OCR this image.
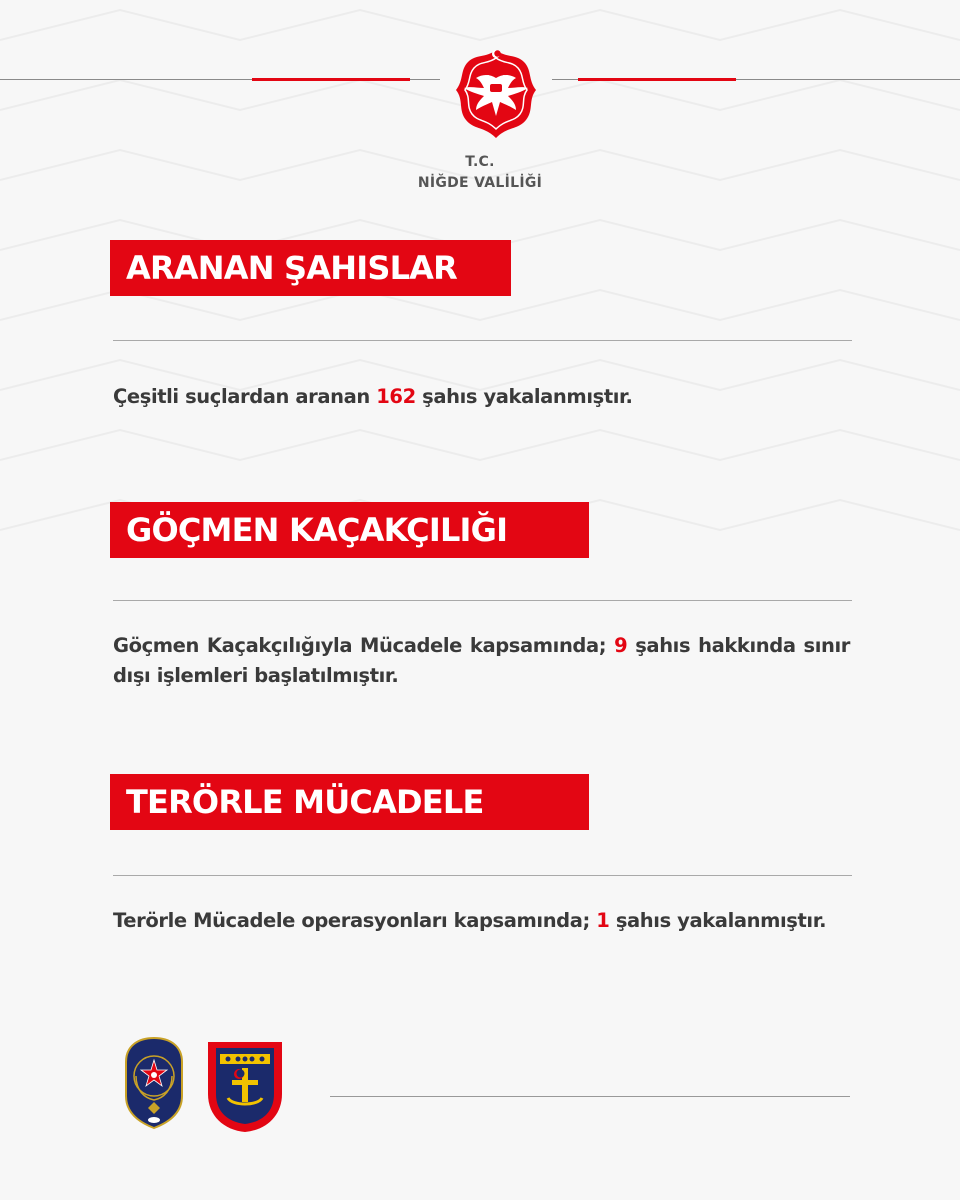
T.C.
NİĞDE VALİLİĞİ
ARANAN ŞAHISLAR
Çeşitli suçlardan aranan 162 şahıs yakalanmıştır.
GÖÇMEN KAÇAKÇILIĞI
Göçmen Kaçakçılığıyla Mücadele kapsamında; 9 şahıs hakkında sınır dışı işlemleri başlatılmıştır.
TERÖRLE MÜCADELE
Terörle Mücadele operasyonları kapsamında; 1 şahıs yakalanmıştır.
